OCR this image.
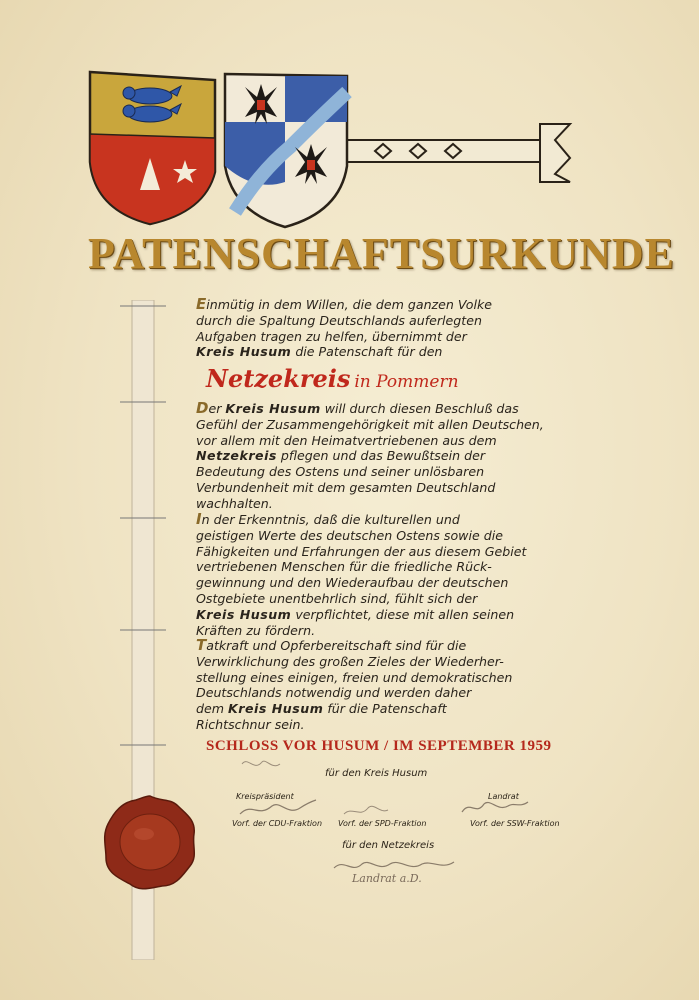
PATENSCHAFTSURKUNDE

Einmütig in dem Willen, die dem ganzen Volke
durch die Spaltung Deutschlands auferlegten
Aufgaben tragen zu helfen, übernimmt der
Kreis Husum die Patenschaft für den

Netzekreis in Pommern

Der Kreis Husum will durch diesen Beschluß das
Gefühl der Zusammengehörigkeit mit allen Deutschen,
vor allem mit den Heimatvertriebenen aus dem
Netzekreis pflegen und das Bewußtsein der
Bedeutung des Ostens und seiner unlösbaren
Verbundenheit mit dem gesamten Deutschland
wachhalten.

In der Erkenntnis, daß die kulturellen und
geistigen Werte des deutschen Ostens sowie die
Fähigkeiten und Erfahrungen der aus diesem Gebiet
vertriebenen Menschen für die friedliche Rück-
gewinnung und den Wiederaufbau der deutschen
Ostgebiete unentbehrlich sind, fühlt sich der
Kreis Husum verpflichtet, diese mit allen seinen
Kräften zu fördern.

Tatkraft und Opferbereitschaft sind für die
Verwirklichung des großen Zieles der Wiederher-
stellung eines einigen, freien und demokratischen
Deutschlands notwendig und werden daher
dem Kreis Husum für die Patenschaft
Richtschnur sein.

SCHLOSS VOR HUSUM / IM SEPTEMBER 1959

für den Kreis Husum
Kreispräsident	Landrat
Vorf. der CDU-Fraktion Vorf. der SPD-Fraktion	Vorf. der SSW-Fraktion
für den Netzekreis
Landrat a.D.
